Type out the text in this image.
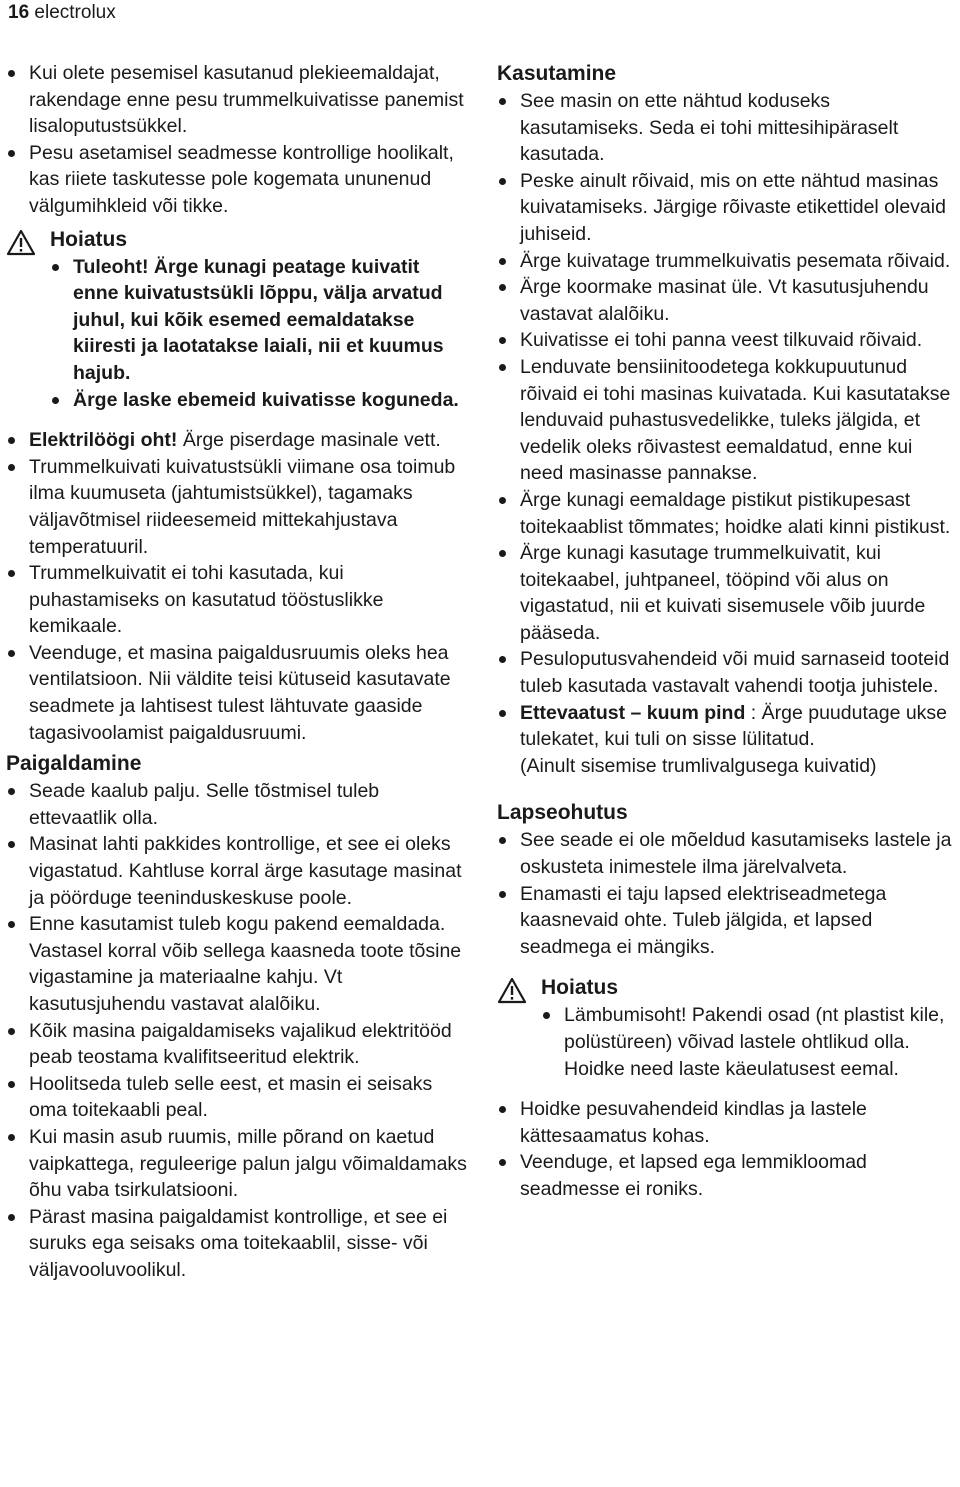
16 electrolux
Kui olete pesemisel kasutanud plekieemaldajat, rakendage enne pesu trummelkuivatisse panemist lisaloputustsükkel.
Pesu asetamisel seadmesse kontrollige hoolikalt, kas riiete taskutesse pole kogemata ununenud välgumihkleid või tikke.
Hoiatus
Tuleoht! Ärge kunagi peatage kuivatit enne kuivatustsükli lõppu, välja arvatud juhul, kui kõik esemed eemaldatakse kiiresti ja laotatakse laiali, nii et kuumus hajub.
Ärge laske ebemeid kuivatisse koguneda.
Elektrilöögi oht! Ärge piserdage masinale vett.
Trummelkuivati kuivatustsükli viimane osa toimub ilma kuumuseta (jahtumistsükkel), tagamaks väljavõtmisel riideesemeid mittekahjustava temperatuuril.
Trummelkuivatit ei tohi kasutada, kui puhastamiseks on kasutatud tööstuslikke kemikaale.
Veenduge, et masina paigaldusruumis oleks hea ventilatsioon. Nii väldite teisi kütuseid kasutavate seadmete ja lahtisest tulest lähtuvate gaaside tagasivoolamist paigaldusruumi.
Paigaldamine
Seade kaalub palju. Selle tõstmisel tuleb ettevaatlik olla.
Masinat lahti pakkides kontrollige, et see ei oleks vigastatud. Kahtluse korral ärge kasutage masinat ja pöörduge teeninduskeskuse poole.
Enne kasutamist tuleb kogu pakend eemaldada. Vastasel korral võib sellega kaasneda toote tõsine vigastamine ja materiaalne kahju. Vt kasutusjuhendu vastavat alalõiku.
Kõik masina paigaldamiseks vajalikud elektritööd peab teostama kvalifitseeritud elektrik.
Hoolitseda tuleb selle eest, et masin ei seisaks oma toitekaabli peal.
Kui masin asub ruumis, mille põrand on kaetud vaipkattega, reguleerige palun jalgu võimaldamaks õhu vaba tsirkulatsiooni.
Pärast masina paigaldamist kontrollige, et see ei suruks ega seisaks oma toitekaablil, sisse- või väljavooluvoolikul.
Kasutamine
See masin on ette nähtud koduseks kasutamiseks. Seda ei tohi mittesihipäraselt kasutada.
Peske ainult rõivaid, mis on ette nähtud masinas kuivatamiseks. Järgige rõivaste etikettidel olevaid juhiseid.
Ärge kuivatage trummelkuivatis pesemata rõivaid.
Ärge koormake masinat üle. Vt kasutusjuhendu vastavat alalõiku.
Kuivatisse ei tohi panna veest tilkuvaid rõivaid.
Lenduvate bensiinitoodetega kokkupuutunud rõivaid ei tohi masinas kuivatada. Kui kasutatakse lenduvaid puhastusvedelikke, tuleks jälgida, et vedelik oleks rõivastest eemaldatud, enne kui need masinasse pannakse.
Ärge kunagi eemaldage pistikut pistikupesast toitekaablist tõmmates; hoidke alati kinni pistikust.
Ärge kunagi kasutage trummelkuivatit, kui toitekaabel, juhtpaneel, tööpind või alus on vigastatud, nii et kuivati sisemusele võib juurde pääseda.
Pesuloputusvahendeid või muid sarnaseid tooteid tuleb kasutada vastavalt vahendi tootja juhistele.
Ettevaatust – kuum pind : Ärge puudutage ukse tulekatet, kui tuli on sisse lülitatud.
(Ainult sisemise trumlivalgusega kuivatid)
Lapseohutus
See seade ei ole mõeldud kasutamiseks lastele ja oskusteta inimestele ilma järelvalveta.
Enamasti ei taju lapsed elektriseadmetega kaasnevaid ohte. Tuleb jälgida, et lapsed seadmega ei mängiks.
Hoiatus
Lämbumisoht! Pakendi osad (nt plastist kile, polüstüreen) võivad lastele ohtlikud olla. Hoidke need laste käeulatusest eemal.
Hoidke pesuvahendeid kindlas ja lastele kättesaamatus kohas.
Veenduge, et lapsed ega lemmikloomad seadmesse ei roniks.
